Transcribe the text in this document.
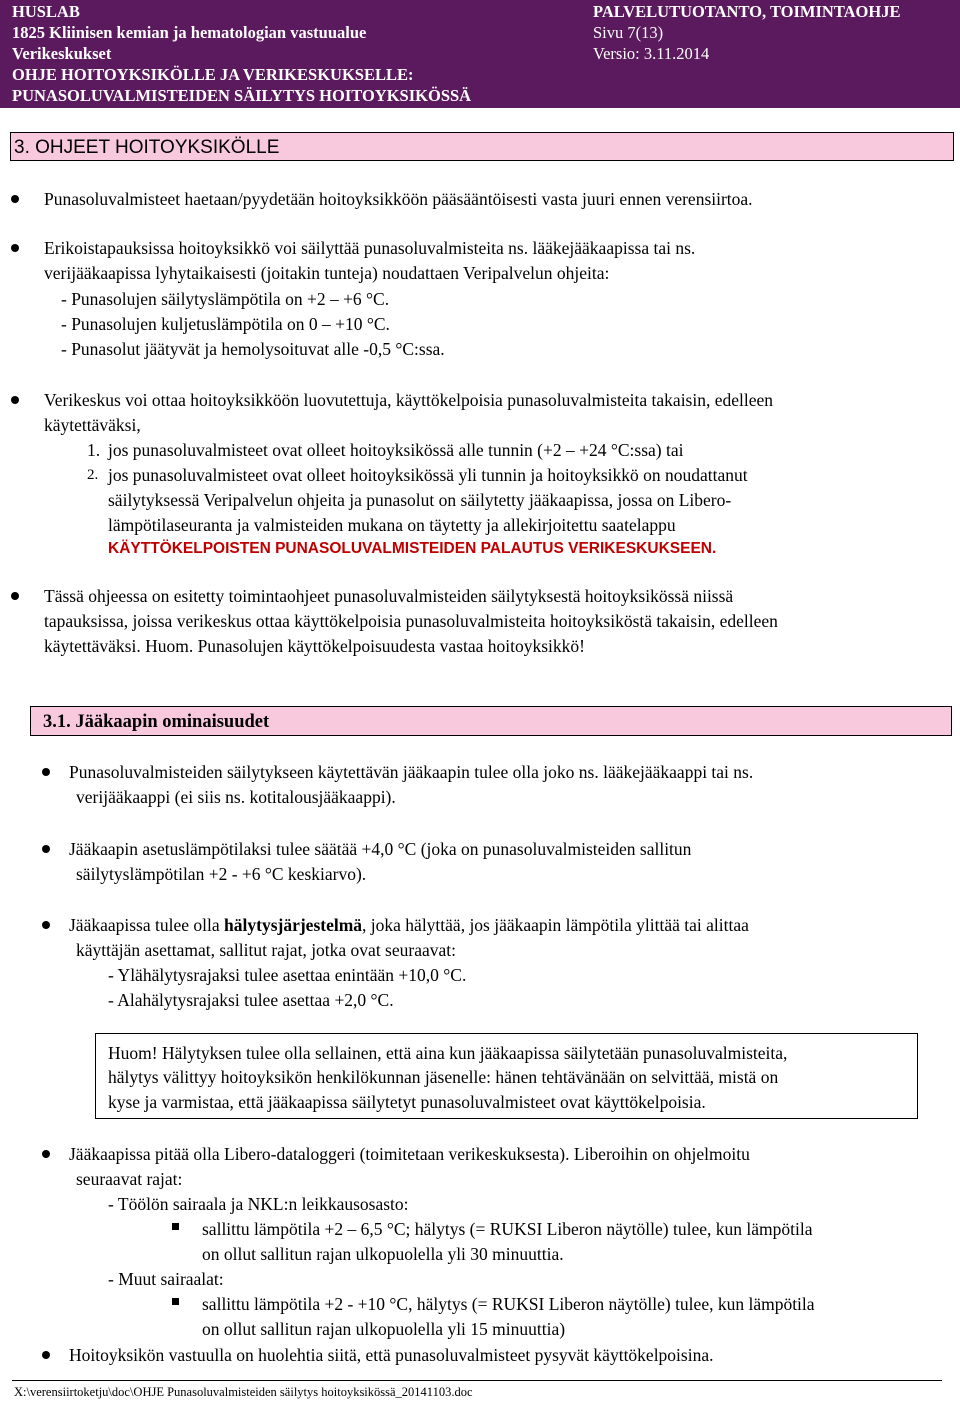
HUSLAB
1825 Kliinisen kemian ja hematologian vastuualue
Verikeskukset
OHJE HOITOYKSIKÖLLE JA VERIKESKUKSELLE:
PUNASOLUVALMISTEIDEN SÄILYTYS HOITOYKSIKÖSSÄ
PALVELUTUOTANTO, TOIMINTAOHJE
Sivu 7(13)
Versio: 3.11.2014
3. OHJEET HOITOYKSIKÖLLE
Punasoluvalmisteet haetaan/pyydetään hoitoyksikköön pääsääntöisesti vasta juuri ennen verensiirtoa.
Erikoistapauksissa hoitoyksikkö voi säilyttää punasoluvalmisteita ns. lääkejääkaapissa tai ns.
verijääkaapissa lyhytaikaisesti (joitakin tunteja) noudattaen Veripalvelun ohjeita:
- Punasolujen säilytyslämpötila on +2 – +6 °C.
- Punasolujen kuljetuslämpötila on 0 – +10 °C.
- Punasolut jäätyvät ja hemolysoituvat alle -0,5 °C:ssa.
Verikeskus voi ottaa hoitoyksikköön luovutettuja, käyttökelpoisia punasoluvalmisteita takaisin, edelleen
käytettäväksi,
1. jos punasoluvalmisteet ovat olleet hoitoyksikössä alle tunnin (+2 – +24 °C:ssa) tai
2. jos punasoluvalmisteet ovat olleet hoitoyksikössä yli tunnin ja hoitoyksikkö on noudattanut
säilytyksessä Veripalvelun ohjeita ja punasolut on säilytetty jääkaapissa, jossa on Libero-
lämpötilaseuranta ja valmisteiden mukana on täytetty ja allekirjoitettu saatelappu
KÄYTTÖKELPOISTEN PUNASOLUVALMISTEIDEN PALAUTUS VERIKESKUKSEEN.
Tässä ohjeessa on esitetty toimintaohjeet punasoluvalmisteiden säilytyksestä hoitoyksikössä niissä
tapauksissa, joissa verikeskus ottaa käyttökelpoisia punasoluvalmisteita hoitoyksiköstä takaisin, edelleen
käytettäväksi. Huom. Punasolujen käyttökelpoisuudesta vastaa hoitoyksikkö!
3.1. Jääkaapin ominaisuudet
Punasoluvalmisteiden säilytykseen käytettävän jääkaapin tulee olla joko ns. lääkejääkaappi tai ns.
verijääkaappi (ei siis ns. kotitalousjääkaappi).
Jääkaapin asetuslämpötilaksi tulee säätää +4,0 °C (joka on punasoluvalmisteiden sallitun
säilytyslämpötilan +2 - +6 °C keskiarvo).
Jääkaapissa tulee olla hälytysjärjestelmä, joka hälyttää, jos jääkaapin lämpötila ylittää tai alittaa
käyttäjän asettamat, sallitut rajat, jotka ovat seuraavat:
- Ylähälytysrajaksi tulee asettaa enintään +10,0 °C.
- Alahälytysrajaksi tulee asettaa +2,0 °C.
Huom! Hälytyksen tulee olla sellainen, että aina kun jääkaapissa säilytetään punasoluvalmisteita,
hälytys välittyy hoitoyksikön henkilökunnan jäsenelle: hänen tehtävänään on selvittää, mistä on
kyse ja varmistaa, että jääkaapissa säilytetyt punasoluvalmisteet ovat käyttökelpoisia.
Jääkaapissa pitää olla Libero-dataloggeri (toimitetaan verikeskuksesta). Liberoihin on ohjelmoitu
seuraavat rajat:
- Töölön sairaala ja NKL:n leikkausosasto:
sallittu lämpötila +2 – 6,5 °C; hälytys (= RUKSI Liberon näytölle) tulee, kun lämpötila
on ollut sallitun rajan ulkopuolella yli 30 minuuttia.
- Muut sairaalat:
sallittu lämpötila +2 - +10 °C, hälytys (= RUKSI Liberon näytölle) tulee, kun lämpötila
on ollut sallitun rajan ulkopuolella yli 15 minuuttia)
Hoitoyksikön vastuulla on huolehtia siitä, että punasoluvalmisteet pysyvät käyttökelpoisina.
X:\verensiirtoketju\doc\OHJE Punasoluvalmisteiden säilytys hoitoyksikössä_20141103.doc
